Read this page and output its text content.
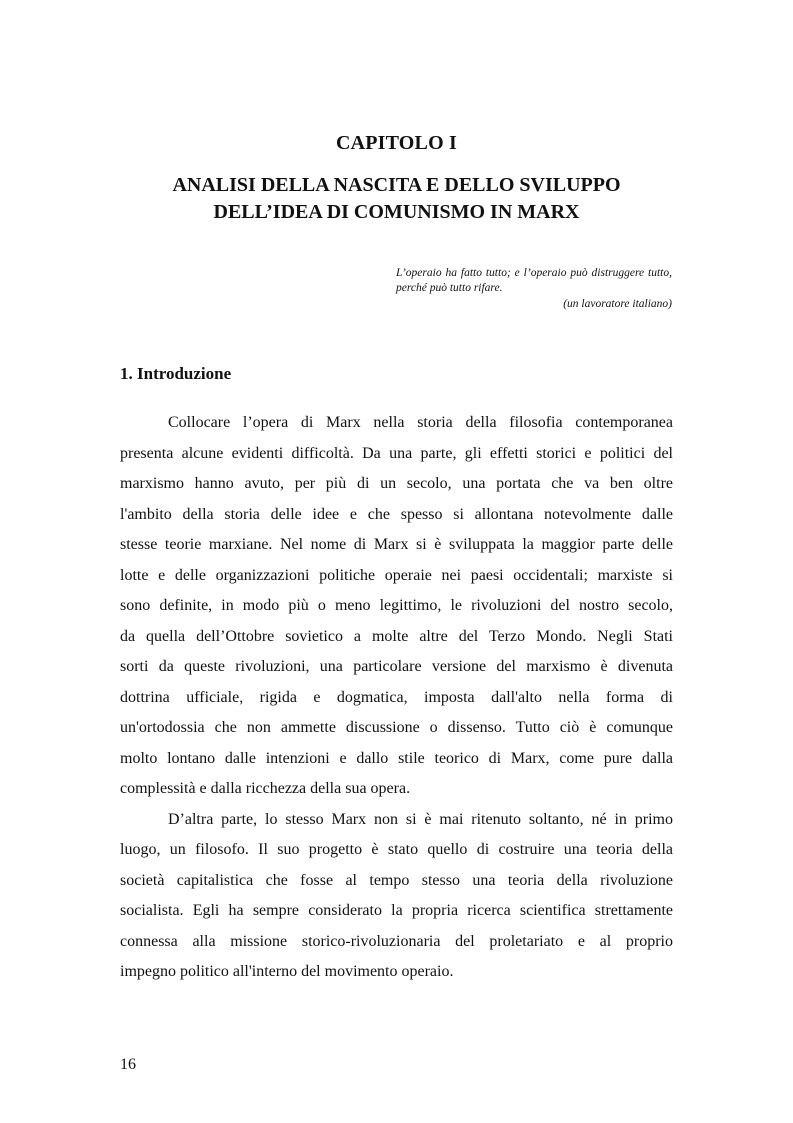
CAPITOLO I
ANALISI DELLA NASCITA E DELLO SVILUPPO
DELL’IDEA DI COMUNISMO IN MARX
L’operaio ha fatto tutto; e l’operaio può distruggere tutto, perché può tutto rifare.
(un lavoratore italiano)
1. Introduzione
Collocare l’opera di Marx nella storia della filosofia contemporanea
presenta alcune evidenti difficoltà. Da una parte, gli effetti storici e politici del
marxismo hanno avuto, per più di un secolo, una portata che va ben oltre
l'ambito della storia delle idee e che spesso si allontana notevolmente dalle
stesse teorie marxiane. Nel nome di Marx si è sviluppata la maggior parte delle
lotte e delle organizzazioni politiche operaie nei paesi occidentali; marxiste si
sono definite, in modo più o meno legittimo, le rivoluzioni del nostro secolo,
da quella dell’Ottobre sovietico a molte altre del Terzo Mondo. Negli Stati
sorti da queste rivoluzioni, una particolare versione del marxismo è divenuta
dottrina ufficiale, rigida e dogmatica, imposta dall'alto nella forma di
un'ortodossia che non ammette discussione o dissenso. Tutto ciò è comunque
molto lontano dalle intenzioni e dallo stile teorico di Marx, come pure dalla
complessità e dalla ricchezza della sua opera.
D’altra parte, lo stesso Marx non si è mai ritenuto soltanto, né in primo
luogo, un filosofo. Il suo progetto è stato quello di costruire una teoria della
società capitalistica che fosse al tempo stesso una teoria della rivoluzione
socialista. Egli ha sempre considerato la propria ricerca scientifica strettamente
connessa alla missione storico-rivoluzionaria del proletariato e al proprio
impegno politico all'interno del movimento operaio.
16
